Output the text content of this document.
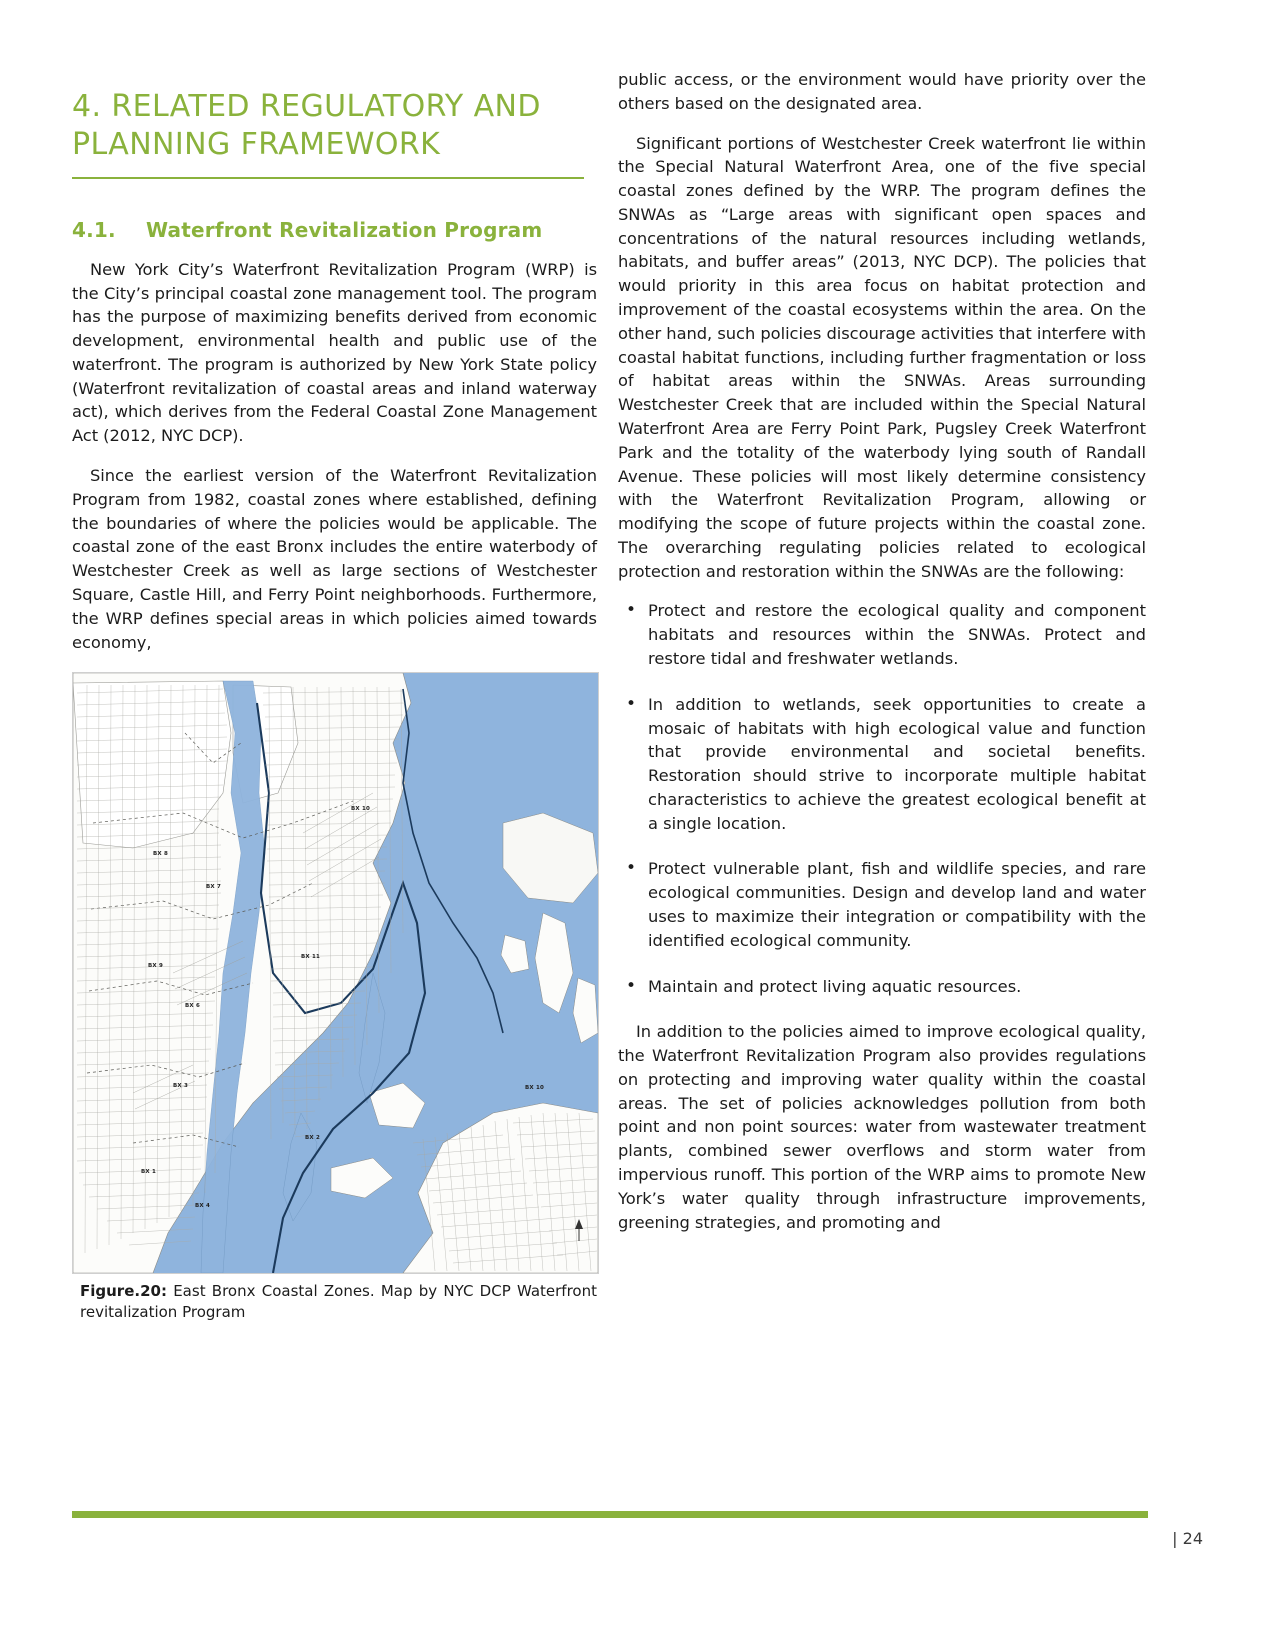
4. RELATED REGULATORY AND PLANNING FRAMEWORK
4.1. Waterfront Revitalization Program

New York City’s Waterfront Revitalization Program (WRP) is the City’s principal coastal zone management tool. The program has the purpose of maximizing benefits derived from economic development, environmental health and public use of the waterfront. The program is authorized by New York State policy (Waterfront revitalization of coastal areas and inland waterway act), which derives from the Federal Coastal Zone Management Act (2012, NYC DCP).

Since the earliest version of the Waterfront Revitalization Program from 1982, coastal zones where established, defining the boundaries of where the policies would be applicable. The coastal zone of the east Bronx includes the entire waterbody of Westchester Creek as well as large sections of Westchester Square, Castle Hill, and Ferry Point neighborhoods. Furthermore, the WRP defines special areas in which policies aimed towards economy,

BX 10
BX 8
BX 7
BX 11
BX 9
BX 6
BX 3	BX 10
BX 2
BX 1
BX 4
Figure.20: East Bronx Coastal Zones. Map by NYC DCP Waterfront revitalization Program

public access, or the environment would have priority over the others based on the designated area.

Significant portions of Westchester Creek waterfront lie within the Special Natural Waterfront Area, one of the five special coastal zones defined by the WRP. The program defines the SNWAs as “Large areas with significant open spaces and concentrations of the natural resources including wetlands, habitats, and buffer areas” (2013, NYC DCP). The policies that would priority in this area focus on habitat protection and improvement of the coastal ecosystems within the area. On the other hand, such policies discourage activities that interfere with coastal habitat functions, including further fragmentation or loss of habitat areas within the SNWAs. Areas surrounding Westchester Creek that are included within the Special Natural Waterfront Area are Ferry Point Park, Pugsley Creek Waterfront Park and the totality of the waterbody lying south of Randall Avenue. These policies will most likely determine consistency with the Waterfront Revitalization Program, allowing or modifying the scope of future projects within the coastal zone. The overarching regulating policies related to ecological protection and restoration within the SNWAs are the following:

• Protect and restore the ecological quality and component habitats and resources within the SNWAs. Protect and restore tidal and freshwater wetlands.
• In addition to wetlands, seek opportunities to create a mosaic of habitats with high ecological value and function that provide environmental and societal benefits. Restoration should strive to incorporate multiple habitat characteristics to achieve the greatest ecological benefit at a single location.
• Protect vulnerable plant, fish and wildlife species, and rare ecological communities. Design and develop land and water uses to maximize their integration or compatibility with the identified ecological community.
• Maintain and protect living aquatic resources.

In addition to the policies aimed to improve ecological quality, the Waterfront Revitalization Program also provides regulations on protecting and improving water quality within the coastal areas. The set of policies acknowledges pollution from both point and non point sources: water from wastewater treatment plants, combined sewer overflows and storm water from impervious runoff. This portion of the WRP aims to promote New York’s water quality through infrastructure improvements, greening strategies, and promoting and

| 24
